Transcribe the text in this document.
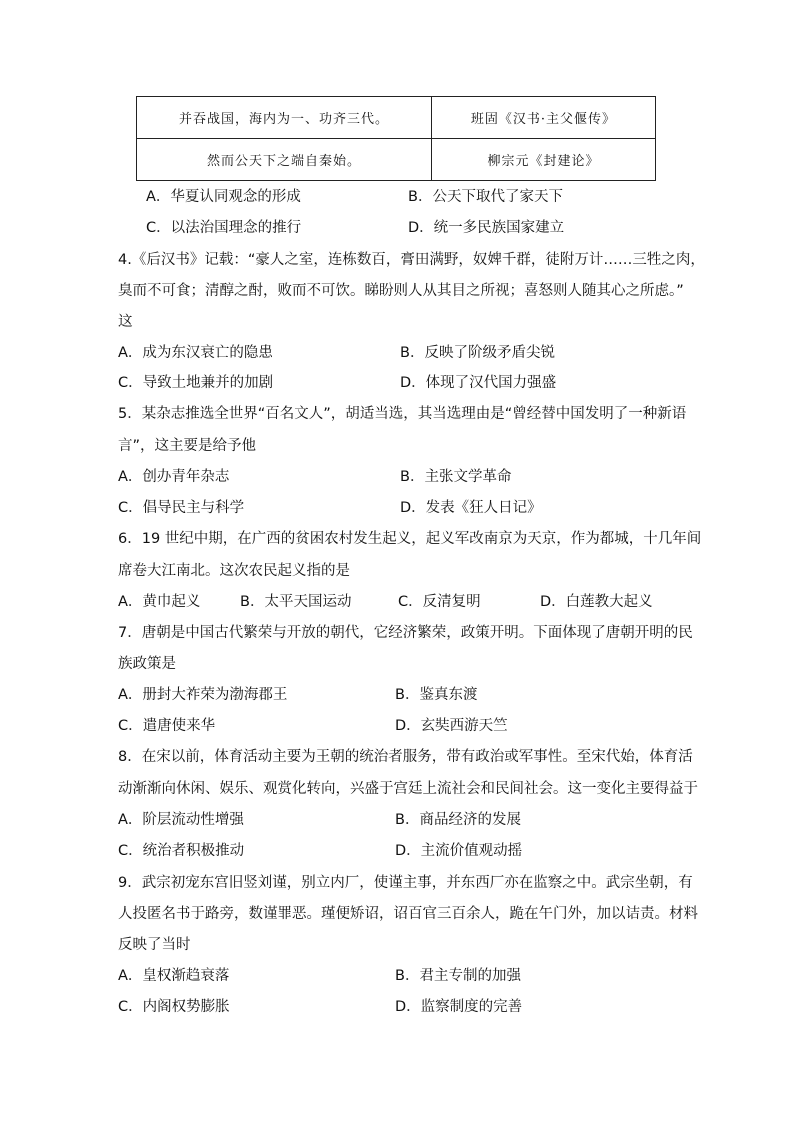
并吞战国，海内为一、功齐三代。	班固《汉书·主父偃传》
然而公天下之端自秦始。	柳宗元《封建论》
A．华夏认同观念的形成	B．公天下取代了家天下
C．以法治国理念的推行	D．统一多民族国家建立
4.《后汉书》记载：“豪人之室，连栋数百，膏田满野，奴婢千群，徒附万计……三牲之肉，
臭而不可食；清醇之酎，败而不可饮。睇盼则人从其目之所视；喜怒则人随其心之所虑。”
这
A．成为东汉衰亡的隐患	B．反映了阶级矛盾尖锐
C．导致土地兼并的加剧	D．体现了汉代国力强盛
5．某杂志推选全世界“百名文人”，胡适当选，其当选理由是“曾经替中国发明了一种新语
言”，这主要是给予他
A．创办青年杂志	B．主张文学革命
C．倡导民主与科学	D．发表《狂人日记》
6．19 世纪中期，在广西的贫困农村发生起义，起义军改南京为天京，作为都城，十几年间
席卷大江南北。这次农民起义指的是
A．黄巾起义	B．太平天国运动	C．反清复明	D．白莲教大起义
7．唐朝是中国古代繁荣与开放的朝代，它经济繁荣，政策开明。下面体现了唐朝开明的民
族政策是
A．册封大祚荣为渤海郡王	B．鉴真东渡
C．遣唐使来华	D．玄奘西游天竺
8．在宋以前，体育活动主要为王朝的统治者服务，带有政治或军事性。至宋代始，体育活
动渐渐向休闲、娱乐、观赏化转向，兴盛于宫廷上流社会和民间社会。这一变化主要得益于
A．阶层流动性增强	B．商品经济的发展
C．统治者积极推动	D．主流价值观动摇
9．武宗初宠东宫旧竖刘谨，别立内厂，使谨主事，并东西厂亦在监察之中。武宗坐朝，有
人投匿名书于路旁，数谨罪恶。瑾便矫诏，诏百官三百余人，跪在午门外，加以诘责。材料
反映了当时
A．皇权渐趋衰落	B．君主专制的加强
C．内阁权势膨胀	D．监察制度的完善
